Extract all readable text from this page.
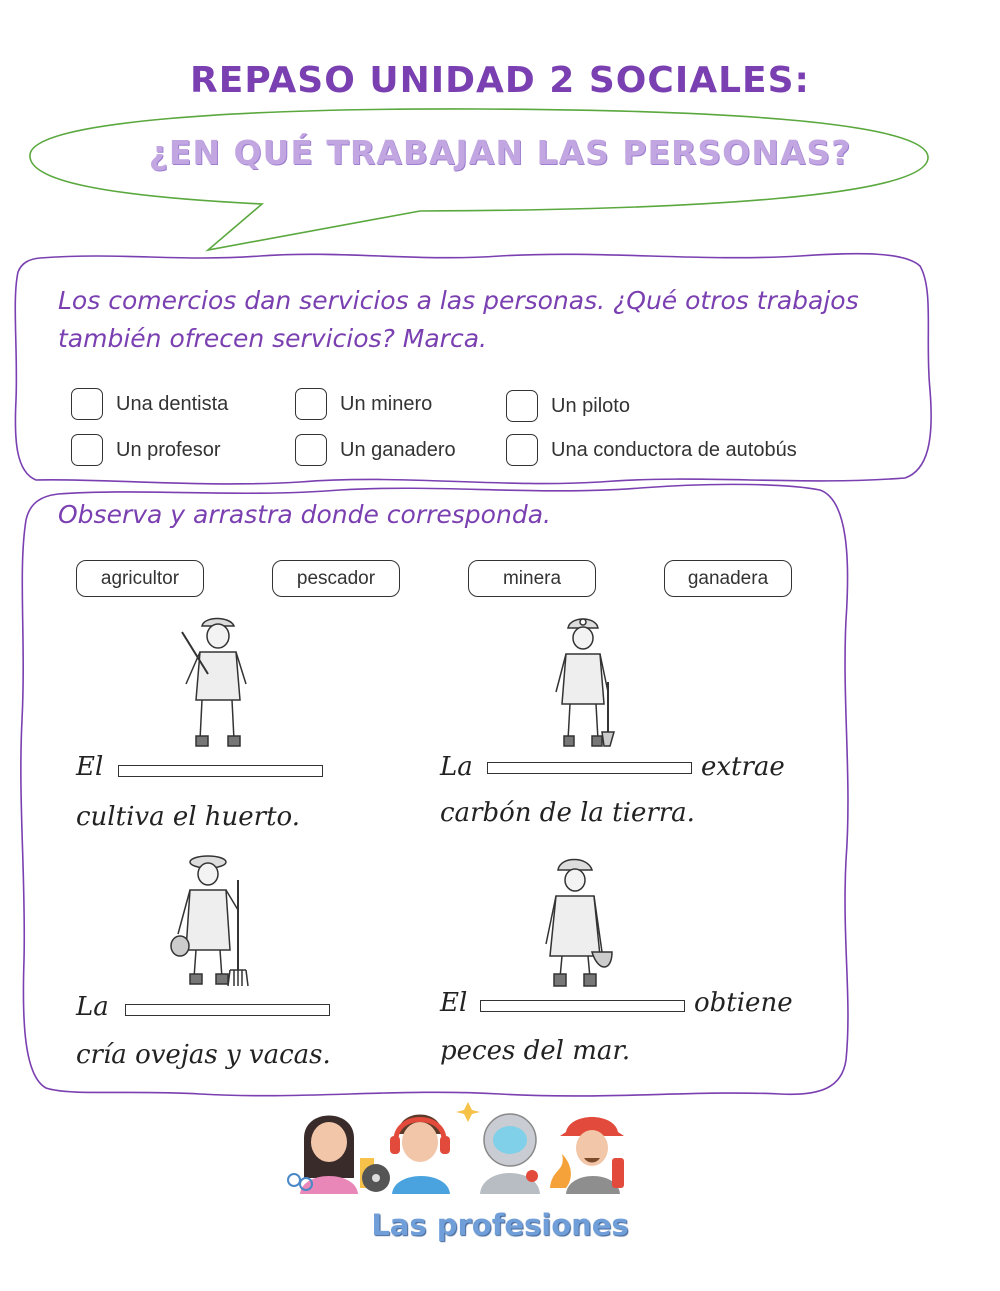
REPASO UNIDAD 2 SOCIALES:
¿EN QUÉ TRABAJAN LAS PERSONAS?
Los comercios dan servicios a las personas. ¿Qué otros trabajos también ofrecen servicios? Marca.
Una dentista	Un minero	Un piloto
Un profesor	Un ganadero	Una conductora de autobús
Observa y arrastra donde corresponda.
agricultor	pescador	minera	ganadera
El
cultiva el huerto.
La	extrae
carbón de la tierra.
La
cría ovejas y vacas.
El	obtiene
peces del mar.
Las profesiones
